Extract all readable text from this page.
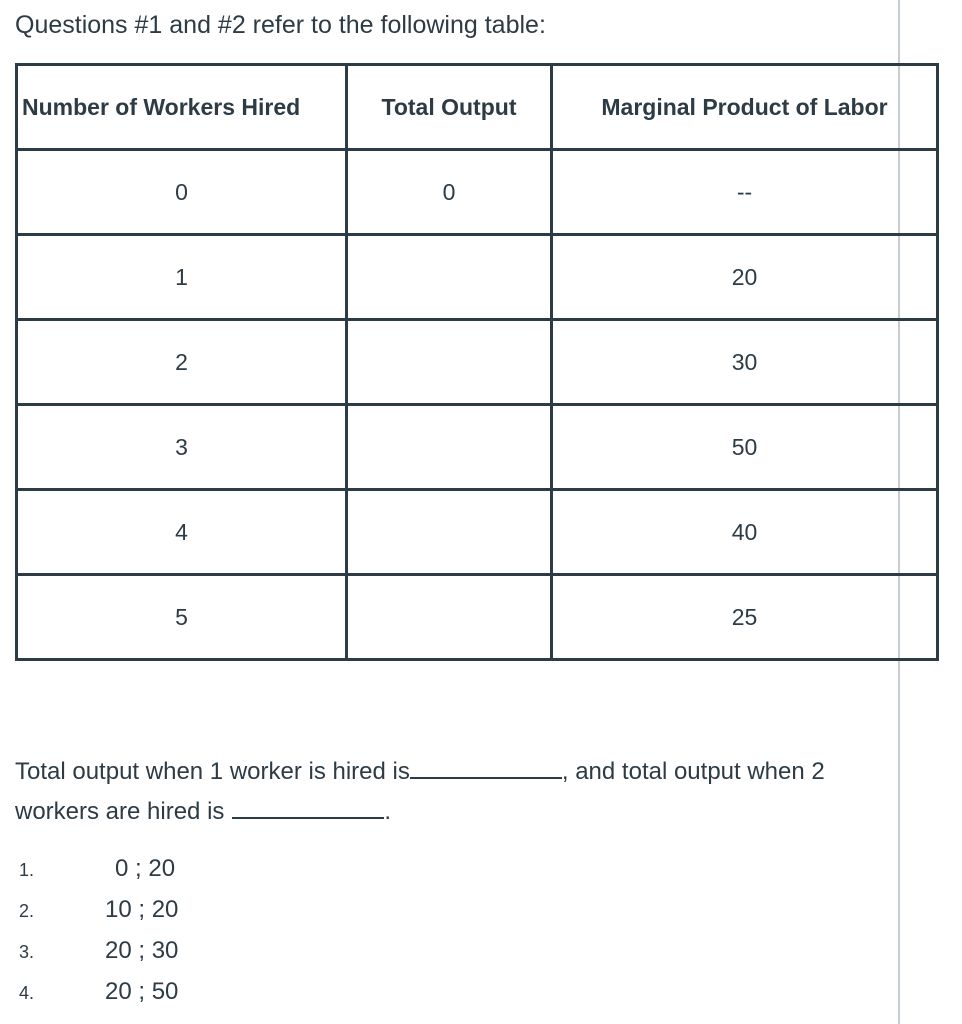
Questions #1 and #2 refer to the following table:
Number of Workers Hired	Total Output	Marginal Product of Labor
0	0	--
1		20
2		30
3		50
4		40
5		25
Total output when 1 worker is hired is	, and total output when 2 workers are hired is	.
1.	0 ; 20
2.	10 ; 20
3.	20 ; 30
4.	20 ; 50
